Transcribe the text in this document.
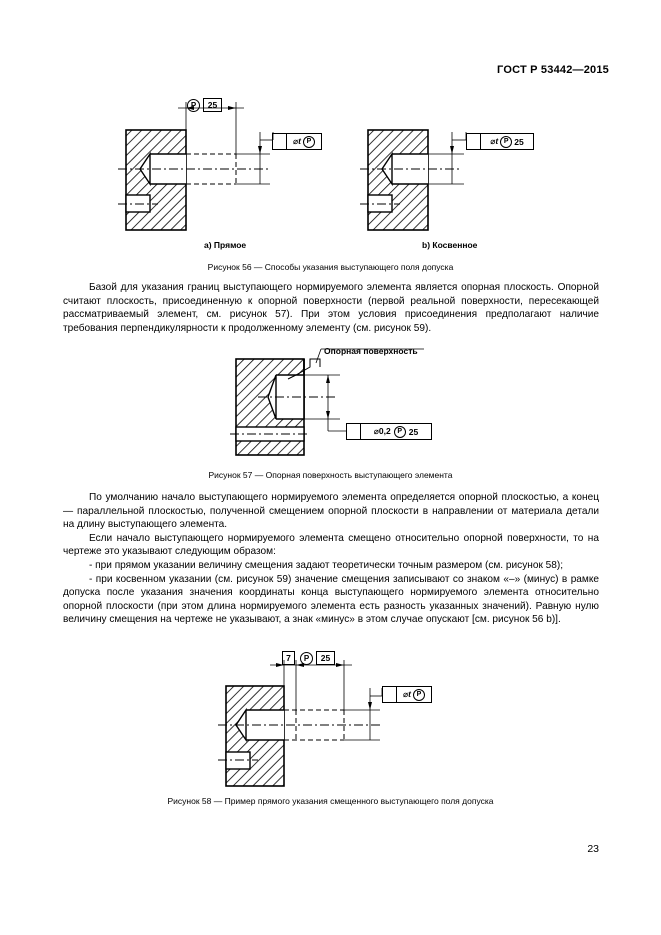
ГОСТ Р 53442—2015
P	25
⌀t P	⌀t P 25
a) Прямое	b) Косвенное
Рисунок 56 — Способы указания выступающего поля допуска

Базой для указания границ выступающего нормируемого элемента является опорная плоскость. Опорной считают плоскость, присоединенную к опорной поверхности (первой реальной поверхности, пересекающей рассматриваемый элемент, см. рисунок 57). При этом условия присоединения предполагают наличие требования перпендикулярности к продолженному элементу (см. рисунок 59).

Опорная поверхность
⌀0,2 P 25
Рисунок 57 — Опорная поверхность выступающего элемента

По умолчанию начало выступающего нормируемого элемента определяется опорной плоскостью, а конец — параллельной плоскостью, полученной смещением опорной плоскости в направлении от материала детали на длину выступающего элемента.

Если начало выступающего нормируемого элемента смещено относительно опорной поверхности, то на чертеже это указывают следующим образом:

- при прямом указании величину смещения задают теоретически точным размером (см. рисунок 58);

- при косвенном указании (см. рисунок 59) значение смещения записывают со знаком «–» (минус) в рамке допуска после указания значения координаты конца выступающего нормируемого элемента относительно опорной плоскости (при этом длина нормируемого элемента есть разность указанных значений). Равную нулю величину смещения на чертеже не указывают, а знак «минус» в этом случае опускают [см. рисунок 56 b)].

7	P	25
⌀t P
Рисунок 58 — Пример прямого указания смещенного выступающего поля допуска
23
